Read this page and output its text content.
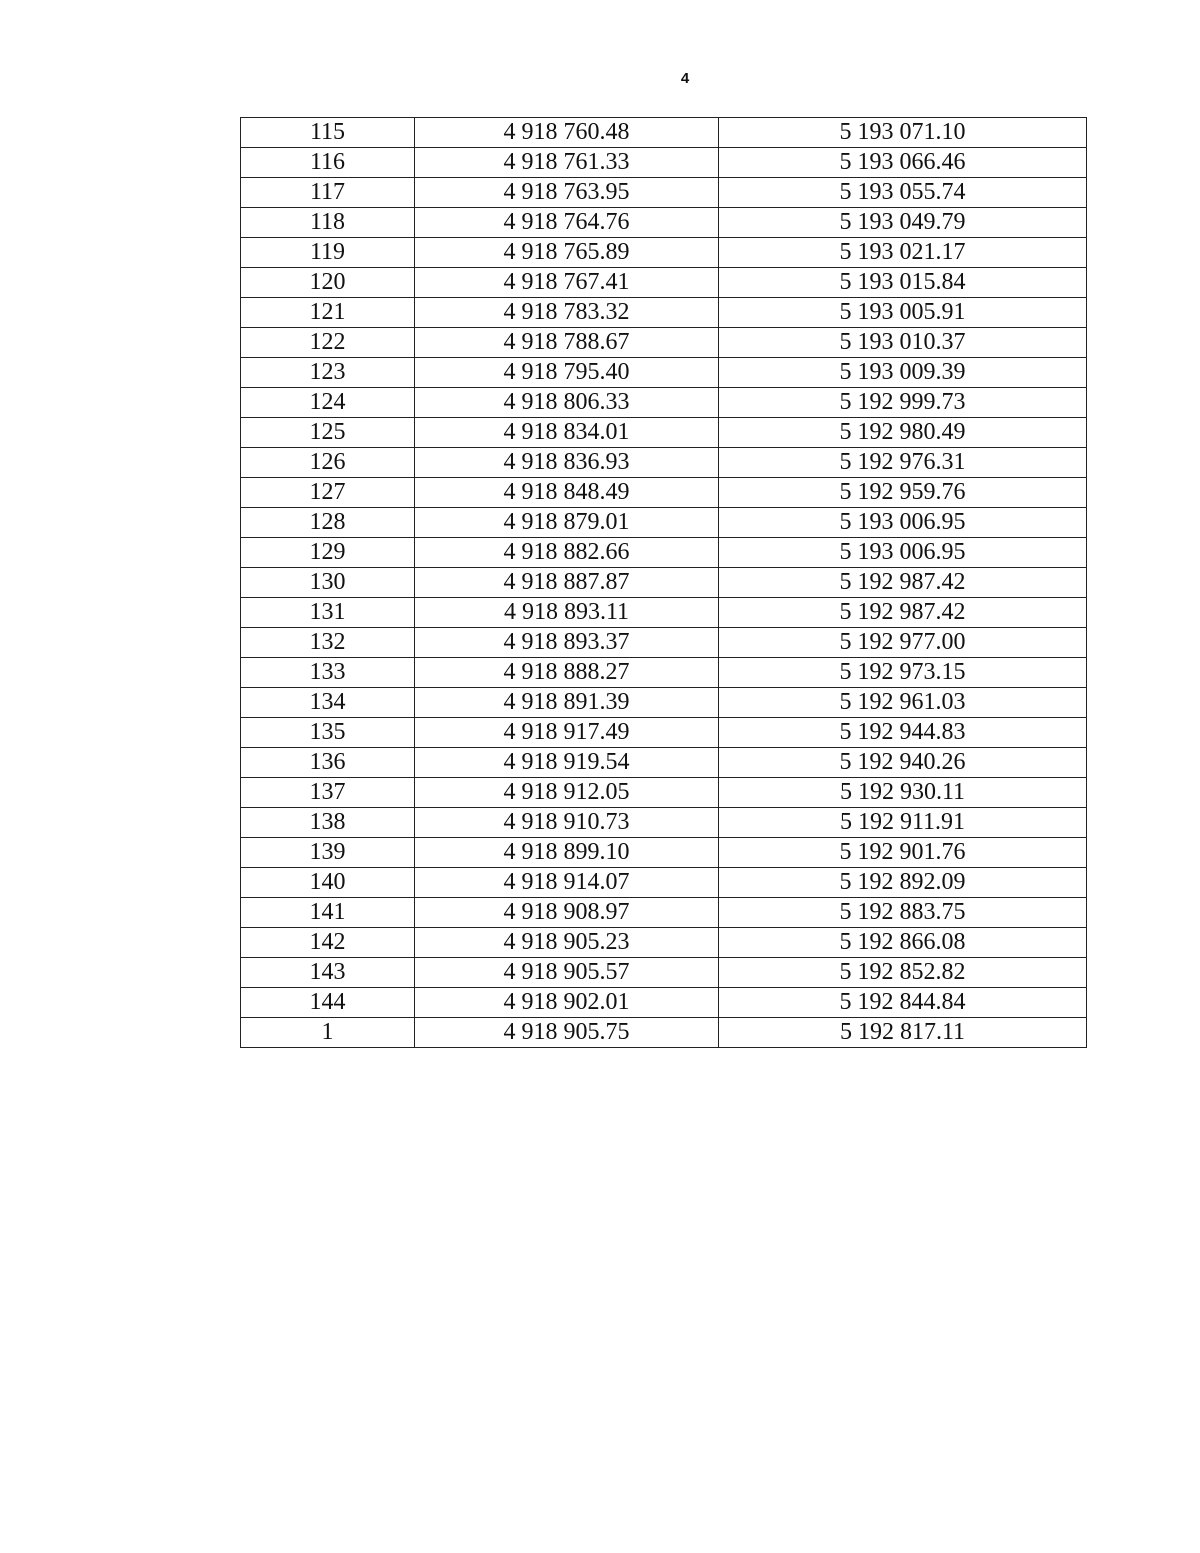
4
115	4 918 760.48	5 193 071.10
116	4 918 761.33	5 193 066.46
117	4 918 763.95	5 193 055.74
118	4 918 764.76	5 193 049.79
119	4 918 765.89	5 193 021.17
120	4 918 767.41	5 193 015.84
121	4 918 783.32	5 193 005.91
122	4 918 788.67	5 193 010.37
123	4 918 795.40	5 193 009.39
124	4 918 806.33	5 192 999.73
125	4 918 834.01	5 192 980.49
126	4 918 836.93	5 192 976.31
127	4 918 848.49	5 192 959.76
128	4 918 879.01	5 193 006.95
129	4 918 882.66	5 193 006.95
130	4 918 887.87	5 192 987.42
131	4 918 893.11	5 192 987.42
132	4 918 893.37	5 192 977.00
133	4 918 888.27	5 192 973.15
134	4 918 891.39	5 192 961.03
135	4 918 917.49	5 192 944.83
136	4 918 919.54	5 192 940.26
137	4 918 912.05	5 192 930.11
138	4 918 910.73	5 192 911.91
139	4 918 899.10	5 192 901.76
140	4 918 914.07	5 192 892.09
141	4 918 908.97	5 192 883.75
142	4 918 905.23	5 192 866.08
143	4 918 905.57	5 192 852.82
144	4 918 902.01	5 192 844.84
1	4 918 905.75	5 192 817.11
